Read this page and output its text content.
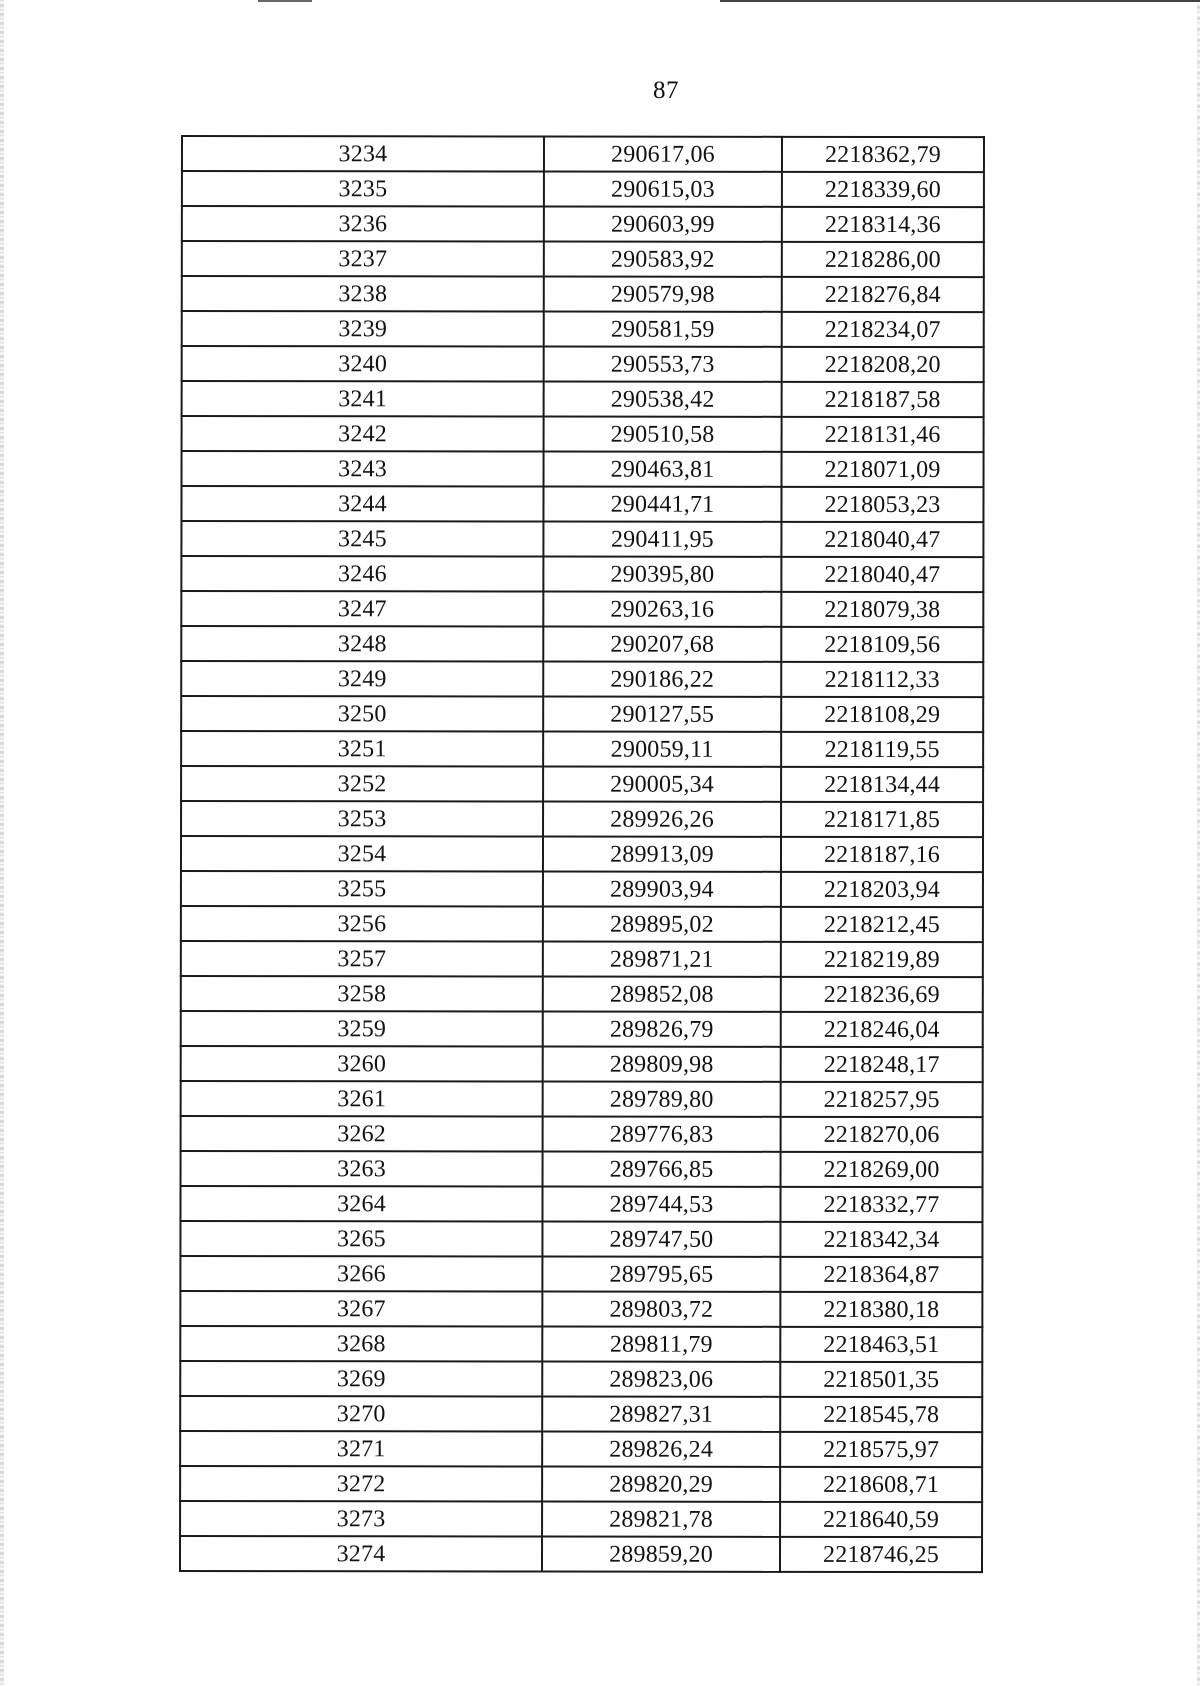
87
3234	290617,06	2218362,79
3235	290615,03	2218339,60
3236	290603,99	2218314,36
3237	290583,92	2218286,00
3238	290579,98	2218276,84
3239	290581,59	2218234,07
3240	290553,73	2218208,20
3241	290538,42	2218187,58
3242	290510,58	2218131,46
3243	290463,81	2218071,09
3244	290441,71	2218053,23
3245	290411,95	2218040,47
3246	290395,80	2218040,47
3247	290263,16	2218079,38
3248	290207,68	2218109,56
3249	290186,22	2218112,33
3250	290127,55	2218108,29
3251	290059,11	2218119,55
3252	290005,34	2218134,44
3253	289926,26	2218171,85
3254	289913,09	2218187,16
3255	289903,94	2218203,94
3256	289895,02	2218212,45
3257	289871,21	2218219,89
3258	289852,08	2218236,69
3259	289826,79	2218246,04
3260	289809,98	2218248,17
3261	289789,80	2218257,95
3262	289776,83	2218270,06
3263	289766,85	2218269,00
3264	289744,53	2218332,77
3265	289747,50	2218342,34
3266	289795,65	2218364,87
3267	289803,72	2218380,18
3268	289811,79	2218463,51
3269	289823,06	2218501,35
3270	289827,31	2218545,78
3271	289826,24	2218575,97
3272	289820,29	2218608,71
3273	289821,78	2218640,59
3274	289859,20	2218746,25
